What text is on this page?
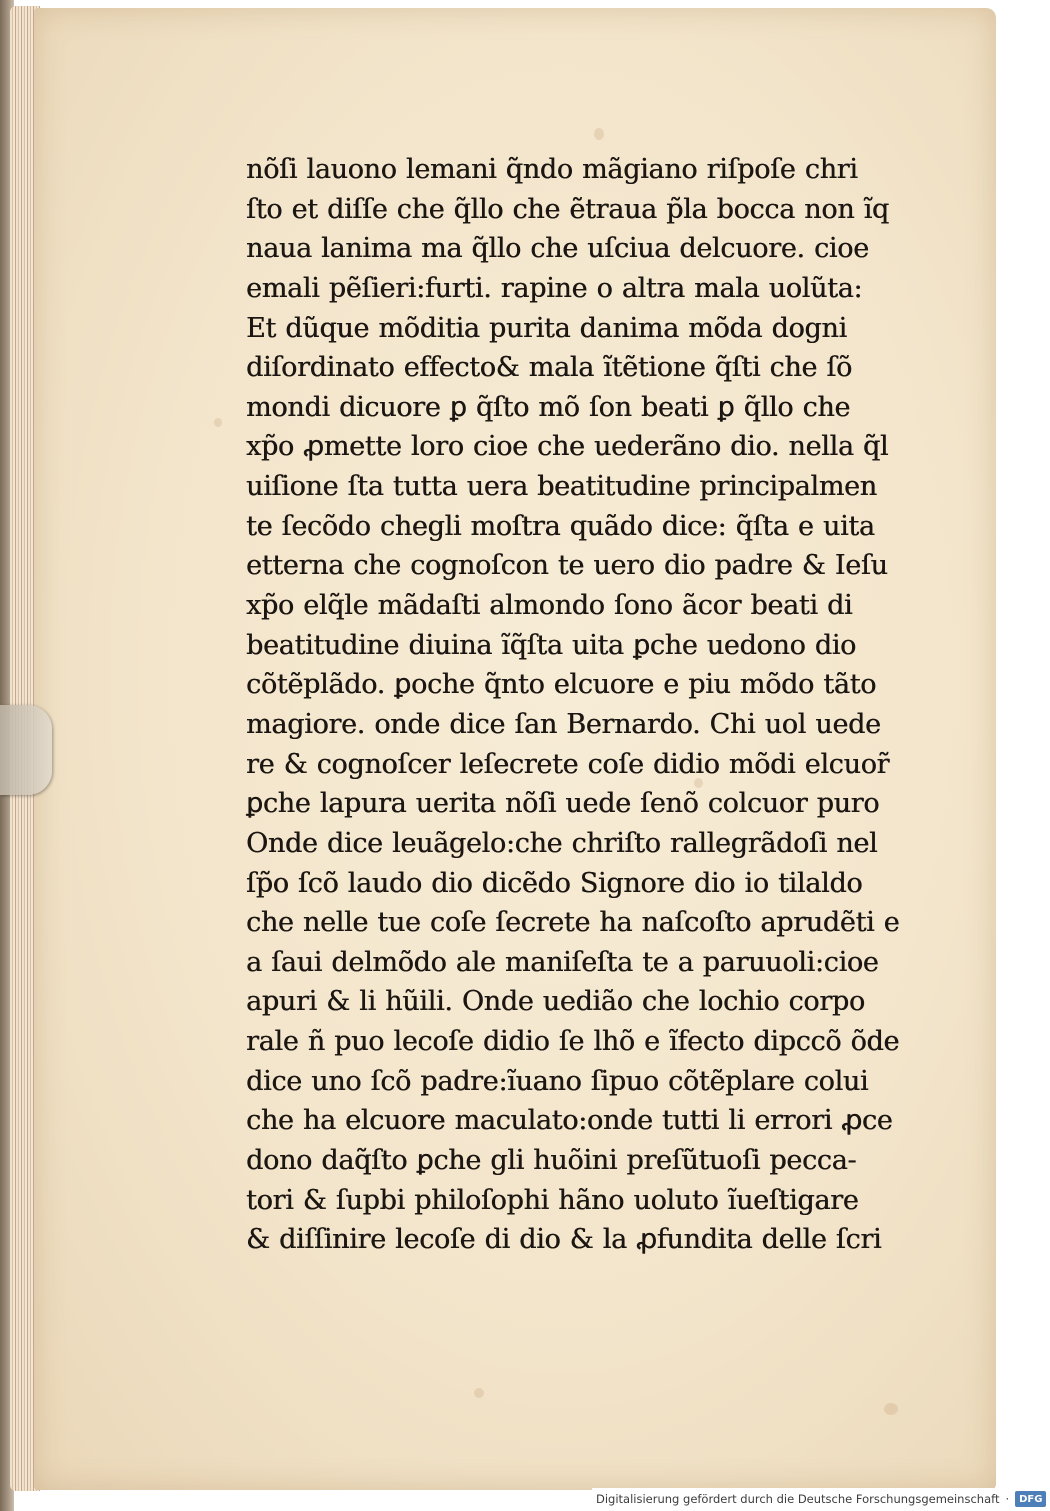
nõſi lauono lemani q̃ndo mãgiano riſpoſe chri
ſto et diſſe che q̃llo che ẽtraua p̃la bocca non ĩq
naua lanima ma q̃llo che uſciua delcuore. cioe
emali pẽſieri:furti. rapine o altra mala uolũta:
Et dũque mõditia purita danima mõda dogni
diſordinato effecto& mala ĩtẽtione q̃ſti che ſõ
mondi dicuore ꝑ q̃ſto mõ ſon beati ꝑ q̃llo che
xp̃o ꝓmette loro cioe che uederãno dio. nella q̃l
uiſione ſta tutta uera beatitudine principalmen
te ſecõdo chegli moſtra quãdo dice: q̃ſta e uita
etterna che cognoſcon te uero dio padre & Ieſu
xp̃o elq̃le mãdaſti almondo ſono ãcor beati di
beatitudine diuina ĩq̃ſta uita ꝑche uedono dio
cõtẽplãdo. ꝑoche q̃nto elcuore e piu mõdo tãto
magiore. onde dice ſan Bernardo. Chi uol uede
re & cognoſcer leſecrete coſe didio mõdi elcuor̃
ꝑche lapura uerita nõſi uede ſenõ colcuor puro
Onde dice leuãgelo:che chriſto rallegrãdoſi nel
ſp̃o ſcõ laudo dio dicẽdo Signore dio io tilaldo
che nelle tue coſe ſecrete ha naſcoſto aprudẽti e
a ſaui delmõdo ale maniſeſta te a paruuoli:cioe
apuri & li hũili. Onde uedião che lochio corpo
rale ñ puo lecoſe didio ſe lhõ e ĩfecto dipccõ õde
dice uno ſcõ padre:ĩuano ſipuo cõtẽplare colui
che ha elcuore maculato:onde tutti li errori ꝓce
dono daq̃ſto ꝑche gli huõini preſũtuoſi pecca-
tori & ſupbi philoſophi hãno uoluto ĩueſtigare
& diſſinire lecoſe di dio & la ꝓfundita delle ſcri
Digitalisierung gefördert durch die Deutsche Forschungsgemeinschaft ·	DFG
